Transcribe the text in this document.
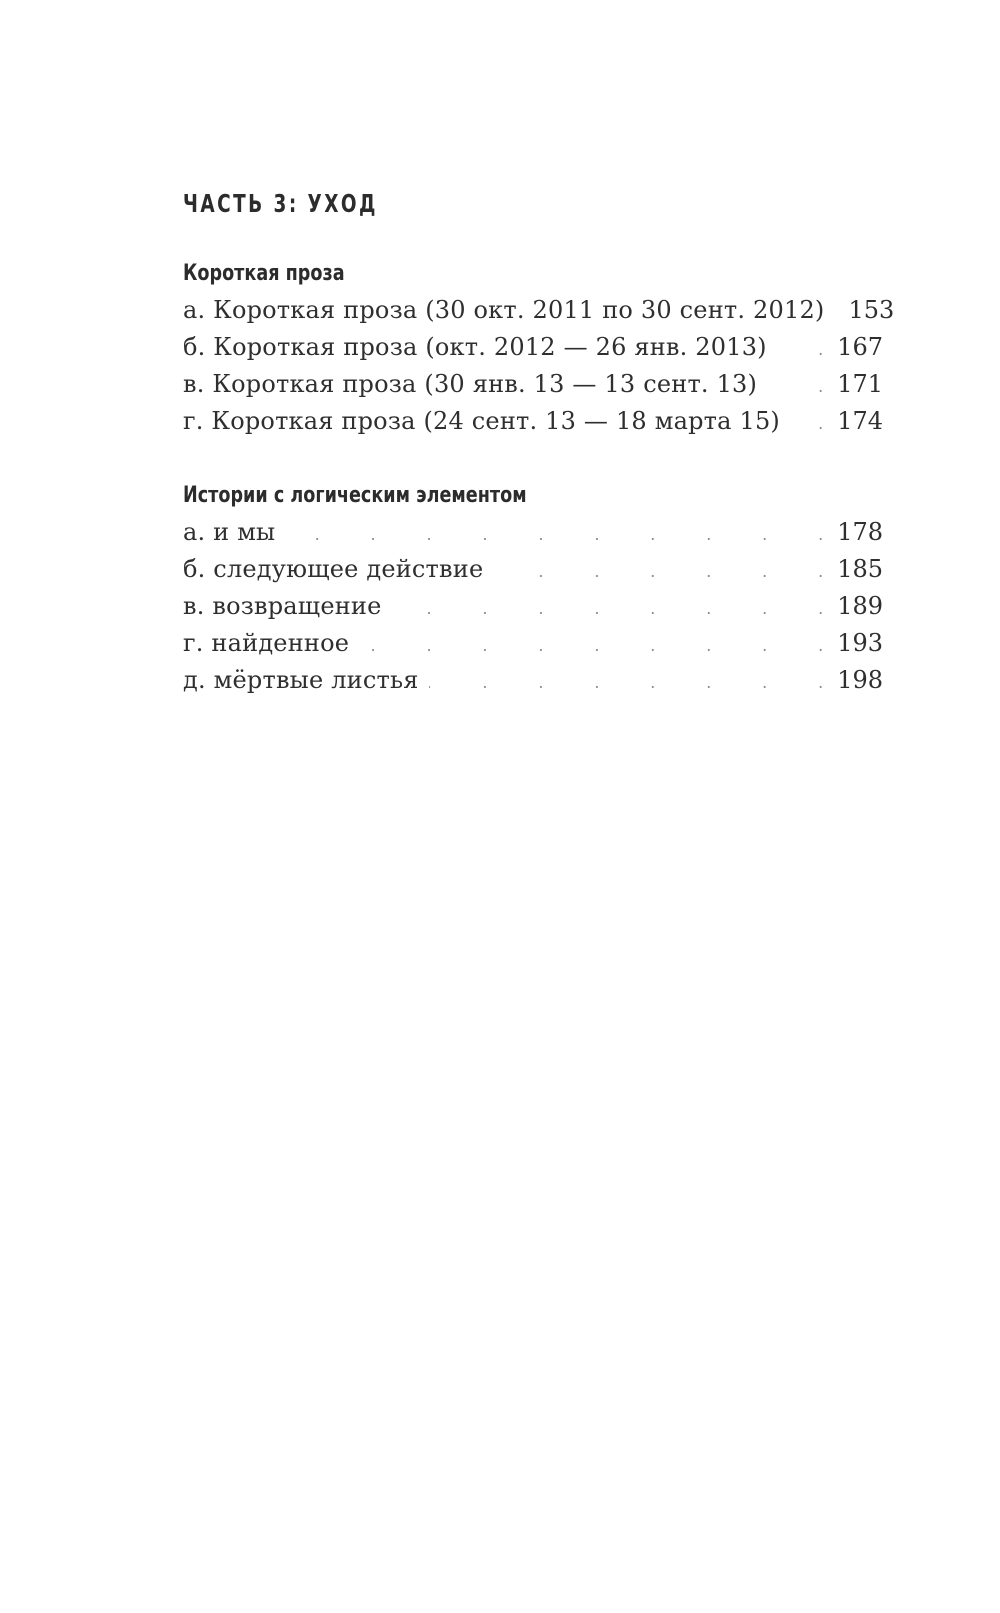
ЧАСТЬ 3: УХОД
Короткая проза
а. Короткая проза (30 окт. 2011 по 30 сент. 2012) 153
б. Короткая проза (окт. 2012 — 26 янв. 2013) .	167
в. Короткая проза (30 янв. 13 — 13 сент. 13) .	171
г. Короткая проза (24 сент. 13 — 18 марта 15) . 174
Истории с логическим элементом
а. и мы .	178
б. следующее действие .	185
в. возвращение .	189
г. найденное .	193
д. мёртвые листья .	198
